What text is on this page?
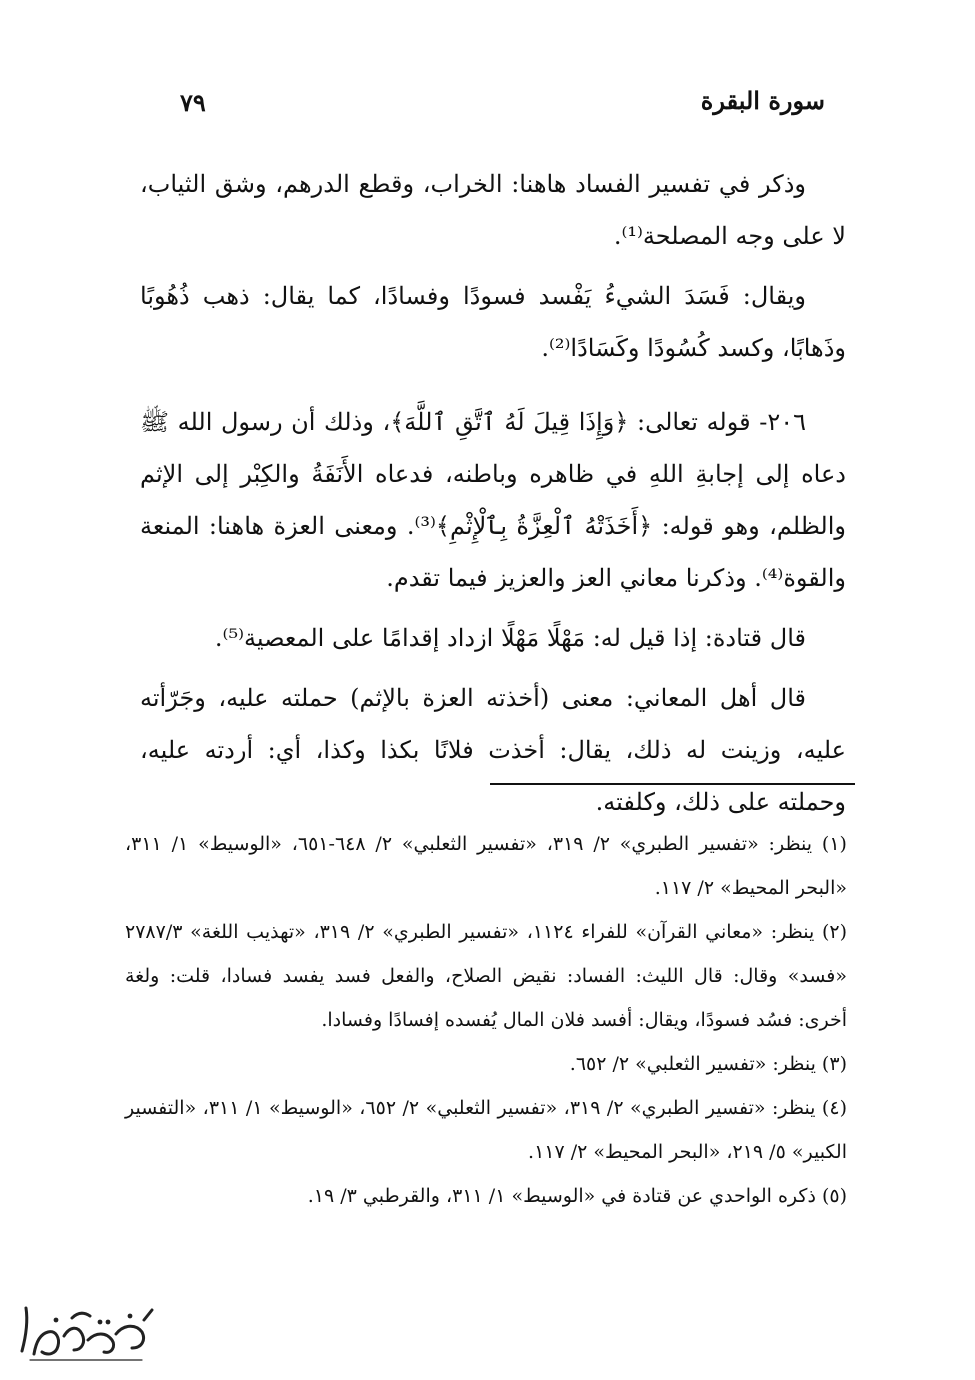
سورة البقرة
٧٩

وذكر في تفسير الفساد هاهنا: الخراب، وقطع الدرهم، وشق الثياب، لا على وجه المصلحة⁽¹⁾.

ويقال: فَسَدَ الشيءُ يَفْسد فسودًا وفسادًا، كما يقال: ذهب ذُهُوبًا وذَهابًا، وكسد كُسُودًا وكَسَادًا⁽²⁾.

٢٠٦- قوله تعالى: ﴿وَإِذَا قِيلَ لَهُ ٱتَّقِ ٱللَّهَ﴾، وذلك أن رسول الله ﷺ دعاه إلى إجابةِ اللهِ في ظاهره وباطنه، فدعاه الأَنَفَةُ والكِبْر إلى الإثم والظلم، وهو قوله: ﴿أَخَذَتْهُ ٱلْعِزَّةُ بِٱلْإِثْمِ﴾⁽³⁾. ومعنى العزة هاهنا: المنعة والقوة⁽⁴⁾. وذكرنا معاني العز والعزيز فيما تقدم.

قال قتادة: إذا قيل له: مَهْلًا مَهْلًا ازداد إقدامًا على المعصية⁽⁵⁾.

قال أهل المعاني: معنى (أخذته العزة بالإثم) حملته عليه، وجَرّأته عليه، وزينت له ذلك، يقال: أخذت فلانًا بكذا وكذا، أي: أردته عليه، وحملته على ذلك، وكلفته.

(١) ينظر: «تفسير الطبري» ٢/ ٣١٩، «تفسير الثعلبي» ٢/ ٦٤٨-٦٥١، «الوسيط» ١/ ٣١١، «البحر المحيط» ٢/ ١١٧.

(٢) ينظر: «معاني القرآن» للفراء ١١٢٤، «تفسير الطبري» ٢/ ٣١٩، «تهذيب اللغة» ٢٧٨٧/٣ «فسد» وقال: قال الليث: الفساد: نقيض الصلاح، والفعل فسد يفسد فسادا، قلت: ولغة أخرى: فسُد فسودًا، ويقال: أفسد فلان المال يُفسده إفسادًا وفسادا.

(٣) ينظر: «تفسير الثعلبي» ٢/ ٦٥٢.

(٤) ينظر: «تفسير الطبري» ٢/ ٣١٩، «تفسير الثعلبي» ٢/ ٦٥٢، «الوسيط» ١/ ٣١١، «التفسير الكبير» ٥/ ٢١٩، «البحر المحيط» ٢/ ١١٧.

(٥) ذكره الواحدي عن قتادة في «الوسيط» ١/ ٣١١، والقرطبي ٣/ ١٩.
